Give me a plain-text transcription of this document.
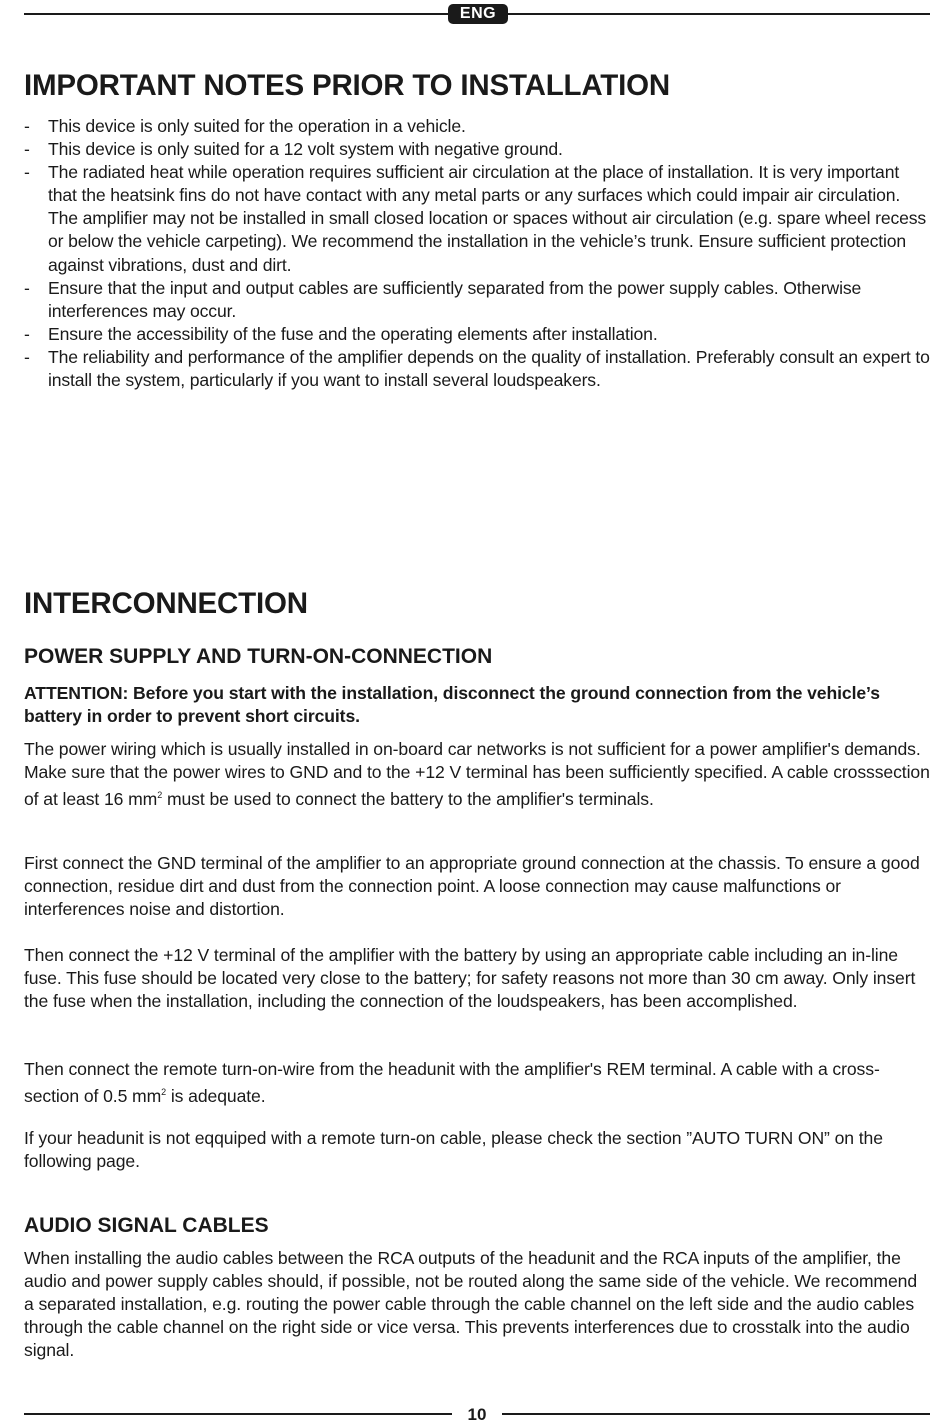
ENG
IMPORTANT NOTES PRIOR TO INSTALLATION
- This device is only suited for the operation in a vehicle.
- This device is only suited for a 12 volt system with negative ground.
- The radiated heat while operation requires sufficient air circulation at the place of installation. It is very important that the heatsink fins do not have contact with any metal parts or any surfaces which could impair air circulation. The amplifier may not be installed in small closed location or spaces without air circulation (e.g. spare wheel recess or below the vehicle carpeting). We recommend the installation in the vehicle’s trunk. Ensure sufficient protection against vibrations, dust and dirt.
- Ensure that the input and output cables are sufficiently separated from the power supply cables. Otherwise interferences may occur.
- Ensure the accessibility of the fuse and the operating elements after installation.
- The reliability and performance of the amplifier depends on the quality of installation. Preferably consult an expert to install the system, particularly if you want to install several loudspeakers.
INTERCONNECTION
POWER SUPPLY AND TURN-ON-CONNECTION

ATTENTION: Before you start with the installation, disconnect the ground connection from the vehicle’s battery in order to prevent short circuits.

The power wiring which is usually installed in on-board car networks is not sufficient for a power amplifier's demands. Make sure that the power wires to GND and to the +12 V terminal has been sufficiently specified. A cable crosssection of at least 16 $mm^2$ must be used to connect the battery to the amplifier's terminals.

First connect the GND terminal of the amplifier to an appropriate ground connection at the chassis. To ensure a good connection, residue dirt and dust from the connection point. A loose connection may cause malfunctions or interferences noise and distortion.

Then connect the +12 V terminal of the amplifier with the battery by using an appropriate cable including an in-line fuse. This fuse should be located very close to the battery; for safety reasons not more than 30 cm away. Only insert the fuse when the installation, including the connection of the loudspeakers, has been accomplished.

Then connect the remote turn-on-wire from the headunit with the amplifier's REM terminal. A cable with a cross-section of 0.5 $mm^2$ is adequate.

If your headunit is not eqquiped with a remote turn-on cable, please check the section ”AUTO TURN ON” on the following page.

AUDIO SIGNAL CABLES

When installing the audio cables between the RCA outputs of the headunit and the RCA inputs of the amplifier, the audio and power supply cables should, if possible, not be routed along the same side of the vehicle. We recommend a separated installation, e.g. routing the power cable through the cable channel on the left side and the audio cables through the cable channel on the right side or vice versa. This prevents interferences due to crosstalk into the audio signal.

10
